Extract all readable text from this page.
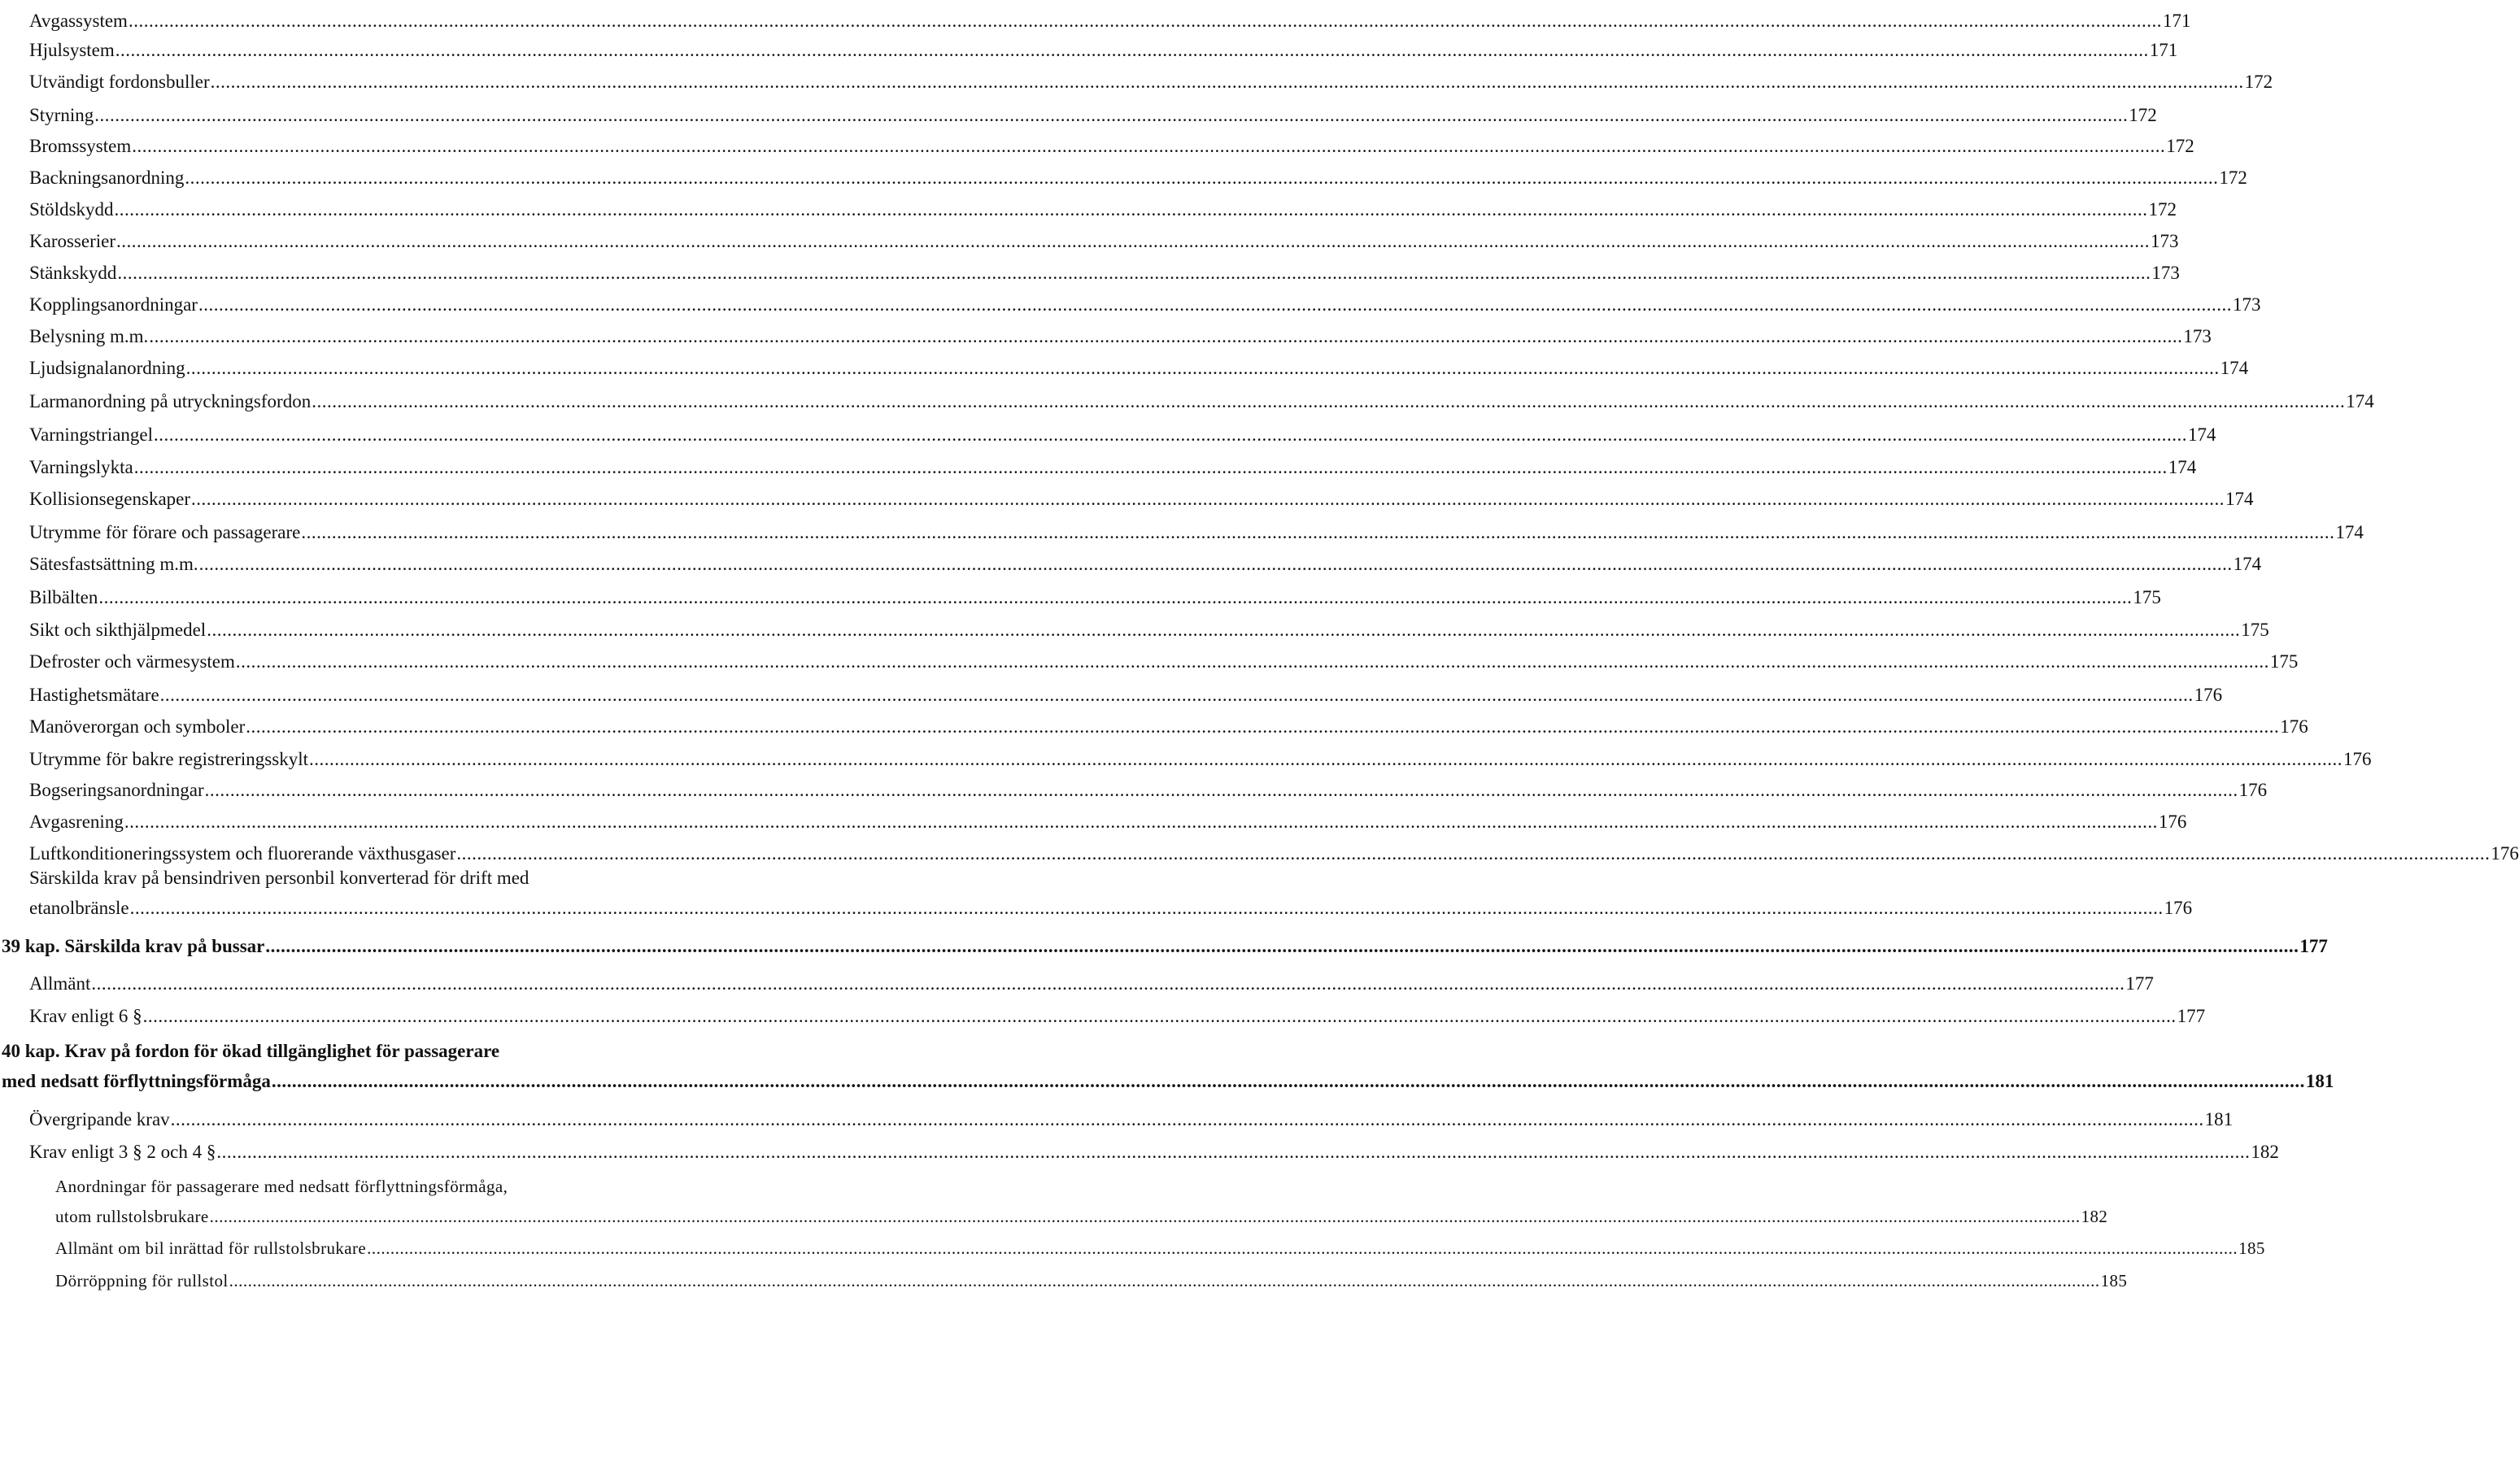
Avgassystem ................................................................................................................................................................................................................................................................................................................................................................................................................ 171
Hjulsystem ................................................................................................................................................................................................................................................................................................................................................................................................................ 171
Utvändigt fordonsbuller ................................................................................................................................................................................................................................................................................................................................................................................................................ 172
Styrning ................................................................................................................................................................................................................................................................................................................................................................................................................ 172
Bromssystem ................................................................................................................................................................................................................................................................................................................................................................................................................ 172
Backningsanordning ................................................................................................................................................................................................................................................................................................................................................................................................................ 172
Stöldskydd ................................................................................................................................................................................................................................................................................................................................................................................................................ 172
Karosserier ................................................................................................................................................................................................................................................................................................................................................................................................................ 173
Stänkskydd ................................................................................................................................................................................................................................................................................................................................................................................................................ 173
Kopplingsanordningar ................................................................................................................................................................................................................................................................................................................................................................................................................ 173
Belysning m.m. ................................................................................................................................................................................................................................................................................................................................................................................................................ 173
Ljudsignalanordning ................................................................................................................................................................................................................................................................................................................................................................................................................ 174
Larmanordning på utryckningsfordon ................................................................................................................................................................................................................................................................................................................................................................................................................ 174
Varningstriangel ................................................................................................................................................................................................................................................................................................................................................................................................................ 174
Varningslykta ................................................................................................................................................................................................................................................................................................................................................................................................................ 174
Kollisionsegenskaper ................................................................................................................................................................................................................................................................................................................................................................................................................ 174
Utrymme för förare och passagerare ................................................................................................................................................................................................................................................................................................................................................................................................................ 174
Sätesfastsättning m.m. ................................................................................................................................................................................................................................................................................................................................................................................................................ 174
Bilbälten ................................................................................................................................................................................................................................................................................................................................................................................................................ 175
Sikt och sikthjälpmedel ................................................................................................................................................................................................................................................................................................................................................................................................................ 175
Defroster och värmesystem ................................................................................................................................................................................................................................................................................................................................................................................................................ 175
Hastighetsmätare ................................................................................................................................................................................................................................................................................................................................................................................................................ 176
Manöverorgan och symboler ................................................................................................................................................................................................................................................................................................................................................................................................................ 176
Utrymme för bakre registreringsskylt ................................................................................................................................................................................................................................................................................................................................................................................................................ 176
Bogseringsanordningar ................................................................................................................................................................................................................................................................................................................................................................................................................ 176
Avgasrening ................................................................................................................................................................................................................................................................................................................................................................................................................ 176
Luftkonditioneringssystem och fluorerande växthusgaser ................................................................................................................................................................................................................................................................................................................................................................................................................ 176
Särskilda krav på bensindriven personbil konverterad för drift med
etanolbränsle ................................................................................................................................................................................................................................................................................................................................................................................................................ 176
39 kap. Särskilda krav på bussar ................................................................................................................................................................................................................................................................................................................................................................................................................ 177
Allmänt ................................................................................................................................................................................................................................................................................................................................................................................................................ 177
Krav enligt 6 § ................................................................................................................................................................................................................................................................................................................................................................................................................ 177
40 kap. Krav på fordon för ökad tillgänglighet för passagerare
med nedsatt förflyttningsförmåga ................................................................................................................................................................................................................................................................................................................................................................................................................ 181
Övergripande krav ................................................................................................................................................................................................................................................................................................................................................................................................................ 181
Krav enligt 3 § 2 och 4 § ................................................................................................................................................................................................................................................................................................................................................................................................................ 182
Anordningar för passagerare med nedsatt förflyttningsförmåga,
utom rullstolsbrukare ................................................................................................................................................................................................................................................................................................................................................................................................................ 182
Allmänt om bil inrättad för rullstolsbrukare ................................................................................................................................................................................................................................................................................................................................................................................................................ 185
Dörröppning för rullstol ................................................................................................................................................................................................................................................................................................................................................................................................................ 185
